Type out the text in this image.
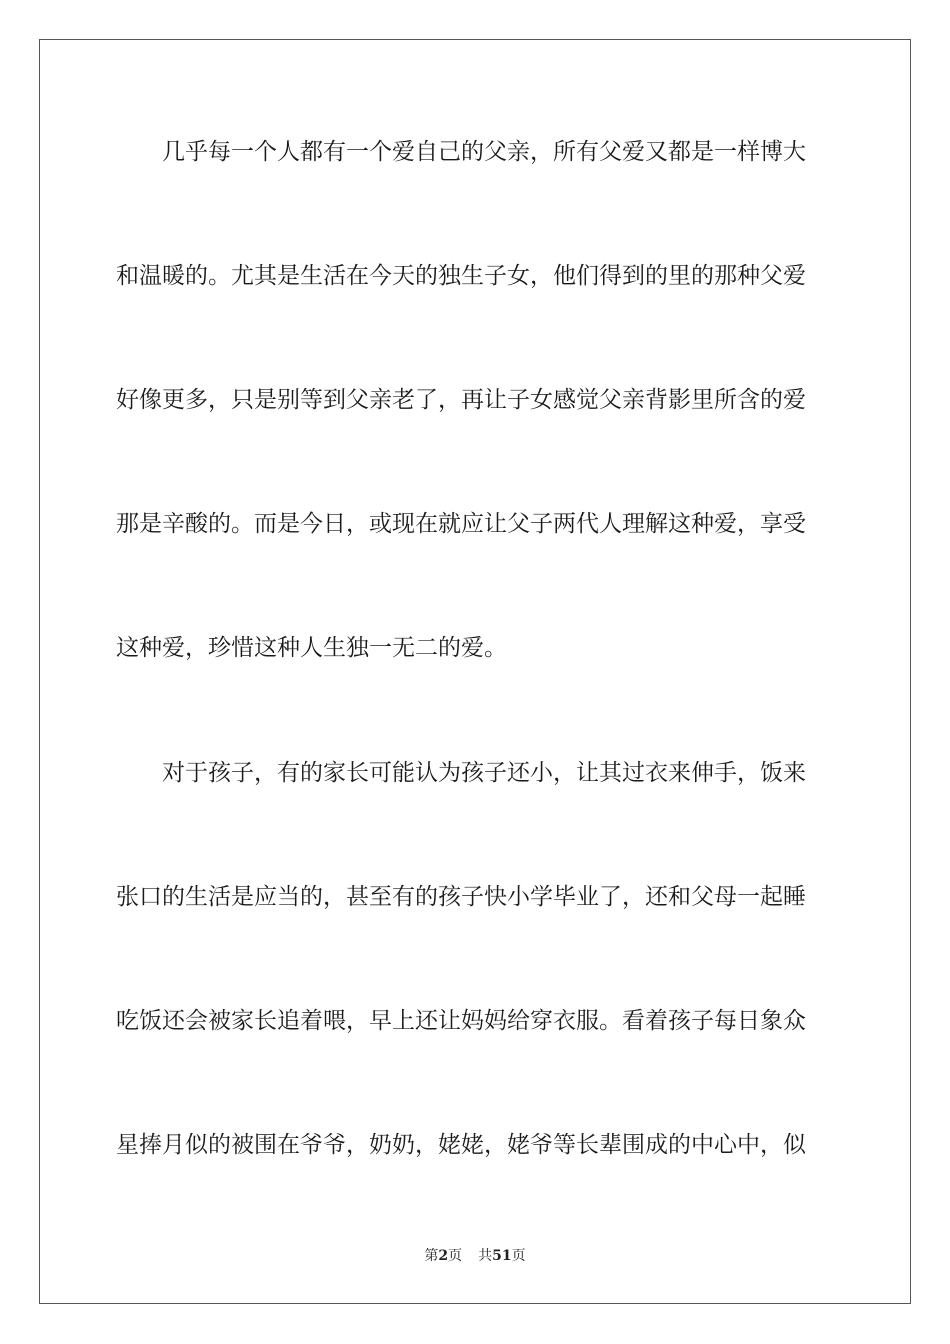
　　几乎每一个人都有一个爱自己的父亲，所有父爱又都是一样博大
和温暖的。尤其是生活在今天的独生子女，他们得到的里的那种父爱
好像更多，只是别等到父亲老了，再让子女感觉父亲背影里所含的爱
那是辛酸的。而是今日，或现在就应让父子两代人理解这种爱，享受
这种爱，珍惜这种人生独一无二的爱。
　　对于孩子，有的家长可能认为孩子还小，让其过衣来伸手，饭来
张口的生活是应当的，甚至有的孩子快小学毕业了，还和父母一起睡
吃饭还会被家长追着喂，早上还让妈妈给穿衣服。看着孩子每日象众
星捧月似的被围在爷爷，奶奶，姥姥，姥爷等长辈围成的中心中，似
第2页 共51页
